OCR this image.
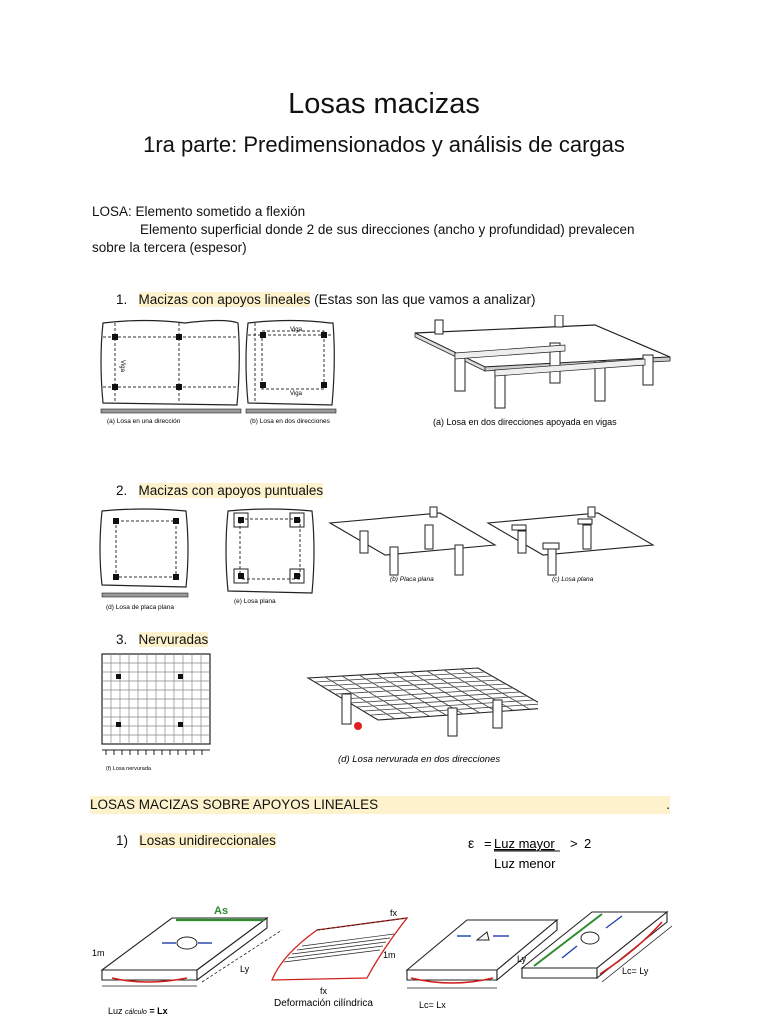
Losas macizas
1ra parte: Predimensionados y análisis de cargas
LOSA: Elemento sometido a flexión
Elemento superficial donde 2 de sus direcciones (ancho y profundidad) prevalecen
sobre la tercera (espesor)
1. Macizas con apoyos lineales (Estas son las que vamos a analizar)
Viga
(a) Losa en una dirección
Viga
Viga
(b) Losa en dos direcciones	(a) Losa en dos direcciones apoyada en vigas
2. Macizas con apoyos puntuales
(d) Losa de placa plana
(e) Losa plana
(b) Placa plana	(c) Losa plana
3. Nervuradas
(f) Losa nervurada
(d) Losa nervurada en dos direcciones
LOSAS MACIZAS SOBRE APOYOS LINEALES	.
1) Losas unidireccionales	ε = Luz mayor > 2
Luz menor
As
1m
Ly
Luz cálculo = Lx
fx
fx
Deformación cilíndrica
1m	Ly
Lc= Lx
Lc= Ly
